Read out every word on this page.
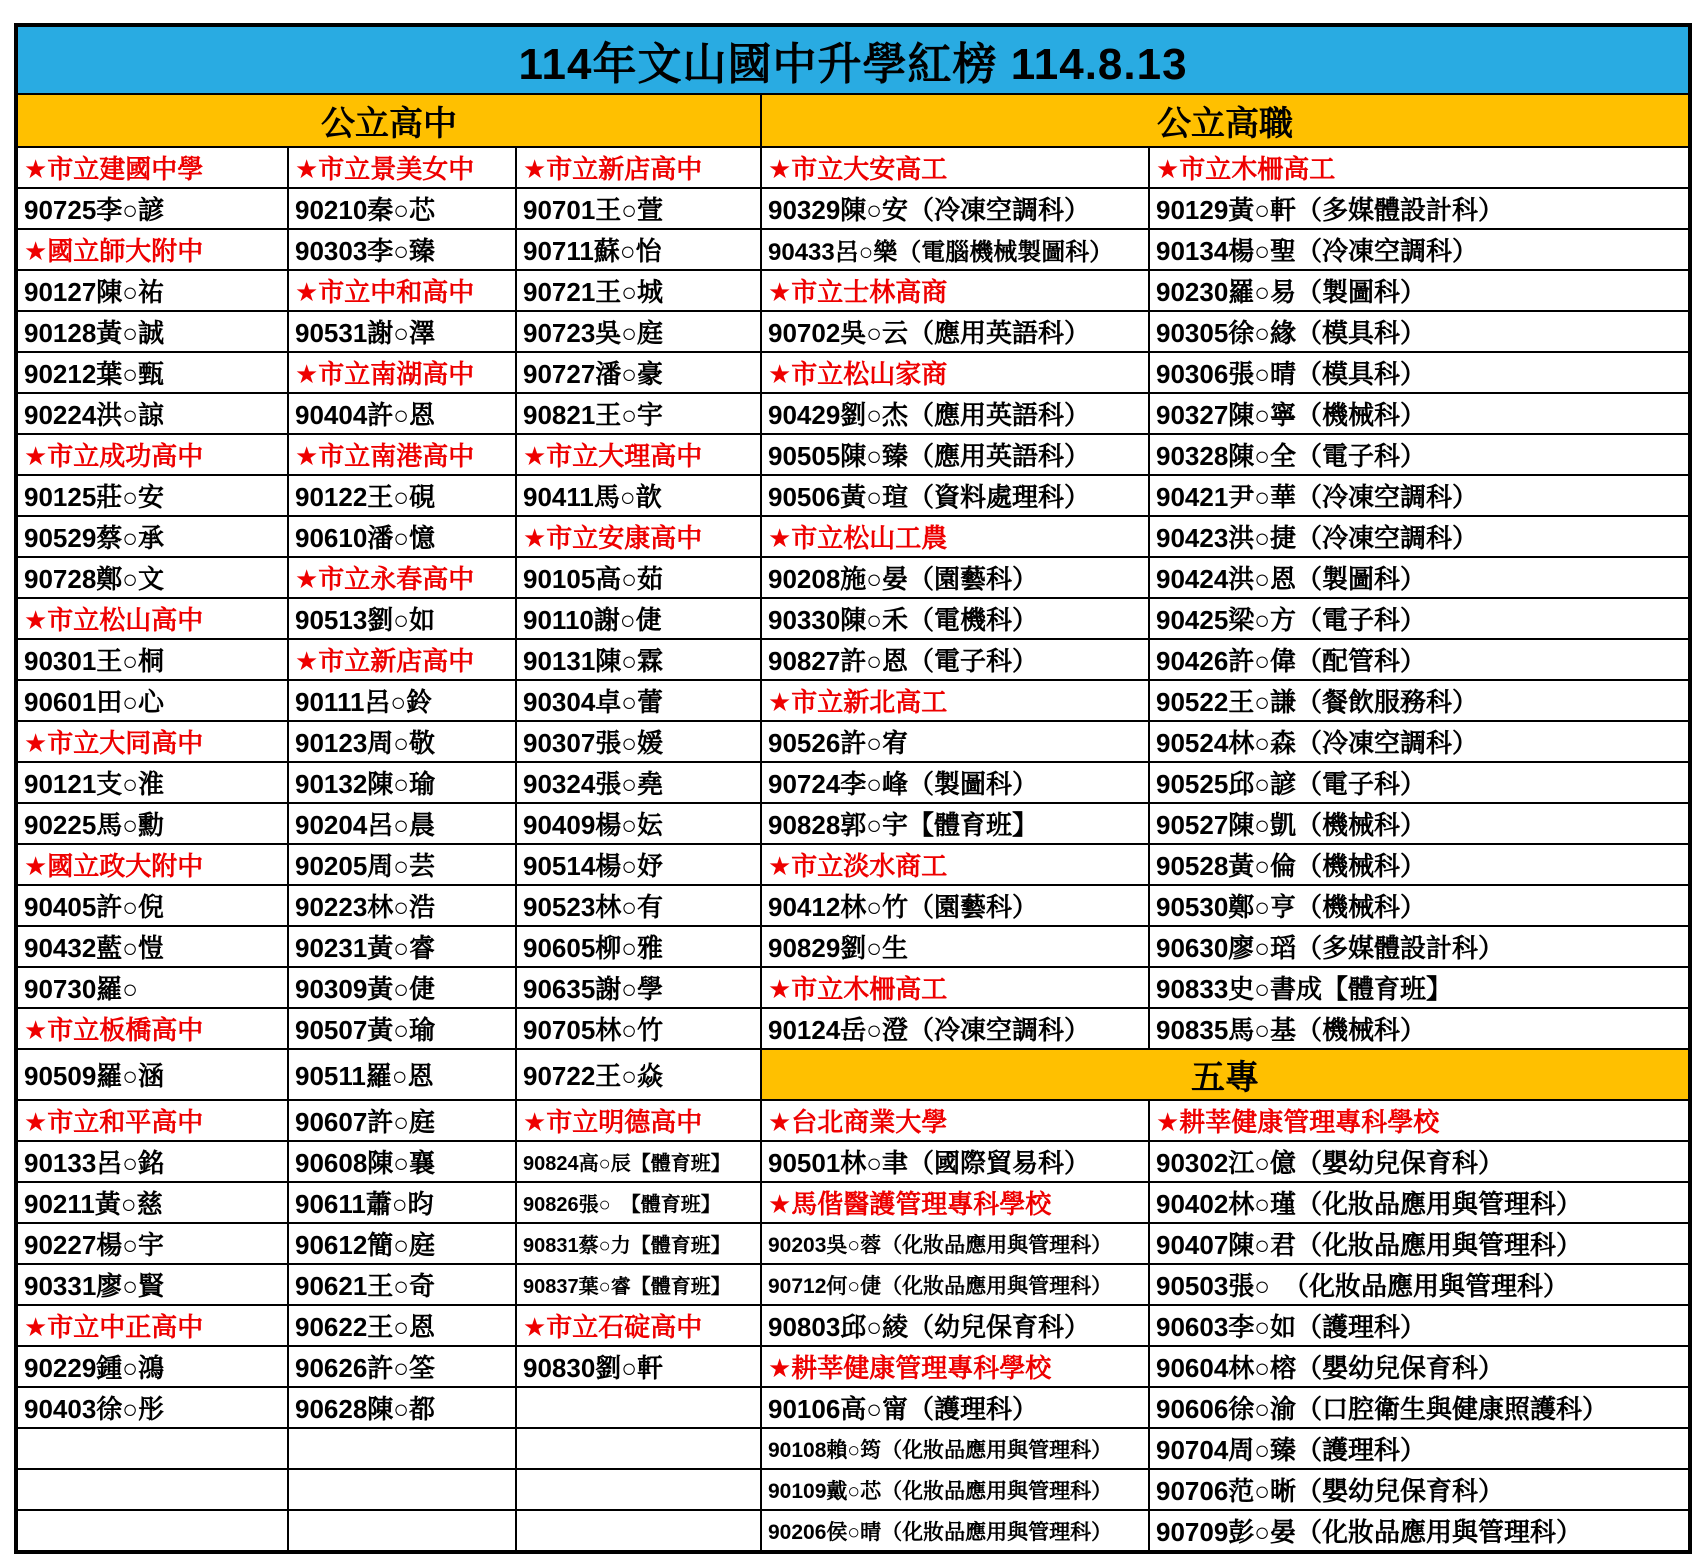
114年文山國中升學紅榜 114.8.13				
公立高中			公立高職	
★市立建國中學	★市立景美女中	★市立新店高中	★市立大安高工	★市立木柵高工
90725李○諺	90210秦○芯	90701王○萱	90329陳○安（冷凍空調科）	90129黃○軒（多媒體設計科）
★國立師大附中	90303李○臻	90711蘇○怡	90433呂○樂（電腦機械製圖科）	90134楊○聖（冷凍空調科）
90127陳○祐	★市立中和高中	90721王○城	★市立士林高商	90230羅○易（製圖科）
90128黃○誠	90531謝○澤	90723吳○庭	90702吳○云（應用英語科）	90305徐○緣（模具科）
90212葉○甄	★市立南湖高中	90727潘○豪	★市立松山家商	90306張○晴（模具科）
90224洪○諒	90404許○恩	90821王○宇	90429劉○杰（應用英語科）	90327陳○寧（機械科）
★市立成功高中	★市立南港高中	★市立大理高中	90505陳○臻（應用英語科）	90328陳○全（電子科）
90125莊○安	90122王○硯	90411馬○歆	90506黃○瑄（資料處理科）	90421尹○華（冷凍空調科）
90529蔡○承	90610潘○憶	★市立安康高中	★市立松山工農	90423洪○捷（冷凍空調科）
90728鄭○文	★市立永春高中	90105高○茹	90208施○晏（園藝科）	90424洪○恩（製圖科）
★市立松山高中	90513劉○如	90110謝○倢	90330陳○禾（電機科）	90425梁○方（電子科）
90301王○桐	★市立新店高中	90131陳○霖	90827許○恩（電子科）	90426許○偉（配管科）
90601田○心	90111呂○鈴	90304卓○蕾	★市立新北高工	90522王○謙（餐飲服務科）
★市立大同高中	90123周○敬	90307張○媛	90526許○宥	90524林○森（冷凍空調科）
90121支○淮	90132陳○瑜	90324張○堯	90724李○峰（製圖科）	90525邱○諺（電子科）
90225馬○勳	90204呂○晨	90409楊○妘	90828郭○宇【體育班】	90527陳○凱（機械科）
★國立政大附中	90205周○芸	90514楊○妤	★市立淡水商工	90528黃○倫（機械科）
90405許○倪	90223林○浩	90523林○有	90412林○竹（園藝科）	90530鄭○亨（機械科）
90432藍○愷	90231黃○睿	90605柳○雅	90829劉○生	90630廖○瑫（多媒體設計科）
90730羅○	90309黃○倢	90635謝○學	★市立木柵高工	90833史○書成【體育班】
★市立板橋高中	90507黃○瑜	90705林○竹	90124岳○澄（冷凍空調科）	90835馬○基（機械科）
90509羅○涵	90511羅○恩	90722王○焱	五專	
★市立和平高中	90607許○庭	★市立明德高中	★台北商業大學	★耕莘健康管理專科學校
90133呂○銘	90608陳○襄	90824高○辰【體育班】	90501林○聿（國際貿易科）	90302江○億（嬰幼兒保育科）
90211黃○慈	90611蕭○昀	90826張○　【體育班】	★馬偕醫護管理專科學校	90402林○瑾（化妝品應用與管理科）
90227楊○宇	90612簡○庭	90831蔡○力【體育班】	90203吳○蓉（化妝品應用與管理科）	90407陳○君（化妝品應用與管理科）
90331廖○賢	90621王○奇	90837葉○睿【體育班】	90712何○倢（化妝品應用與管理科）	90503張○　（化妝品應用與管理科）
★市立中正高中	90622王○恩	★市立石碇高中	90803邱○綾（幼兒保育科）	90603李○如（護理科）
90229鍾○鴻	90626許○筌	90830劉○軒	★耕莘健康管理專科學校	90604林○榕（嬰幼兒保育科）
90403徐○彤	90628陳○都		90106高○甯（護理科）	90606徐○渝（口腔衛生與健康照護科）
			90108賴○筠（化妝品應用與管理科）	90704周○臻（護理科）
			90109戴○芯（化妝品應用與管理科）	90706范○晰（嬰幼兒保育科）
			90206侯○晴（化妝品應用與管理科）	90709彭○晏（化妝品應用與管理科）
